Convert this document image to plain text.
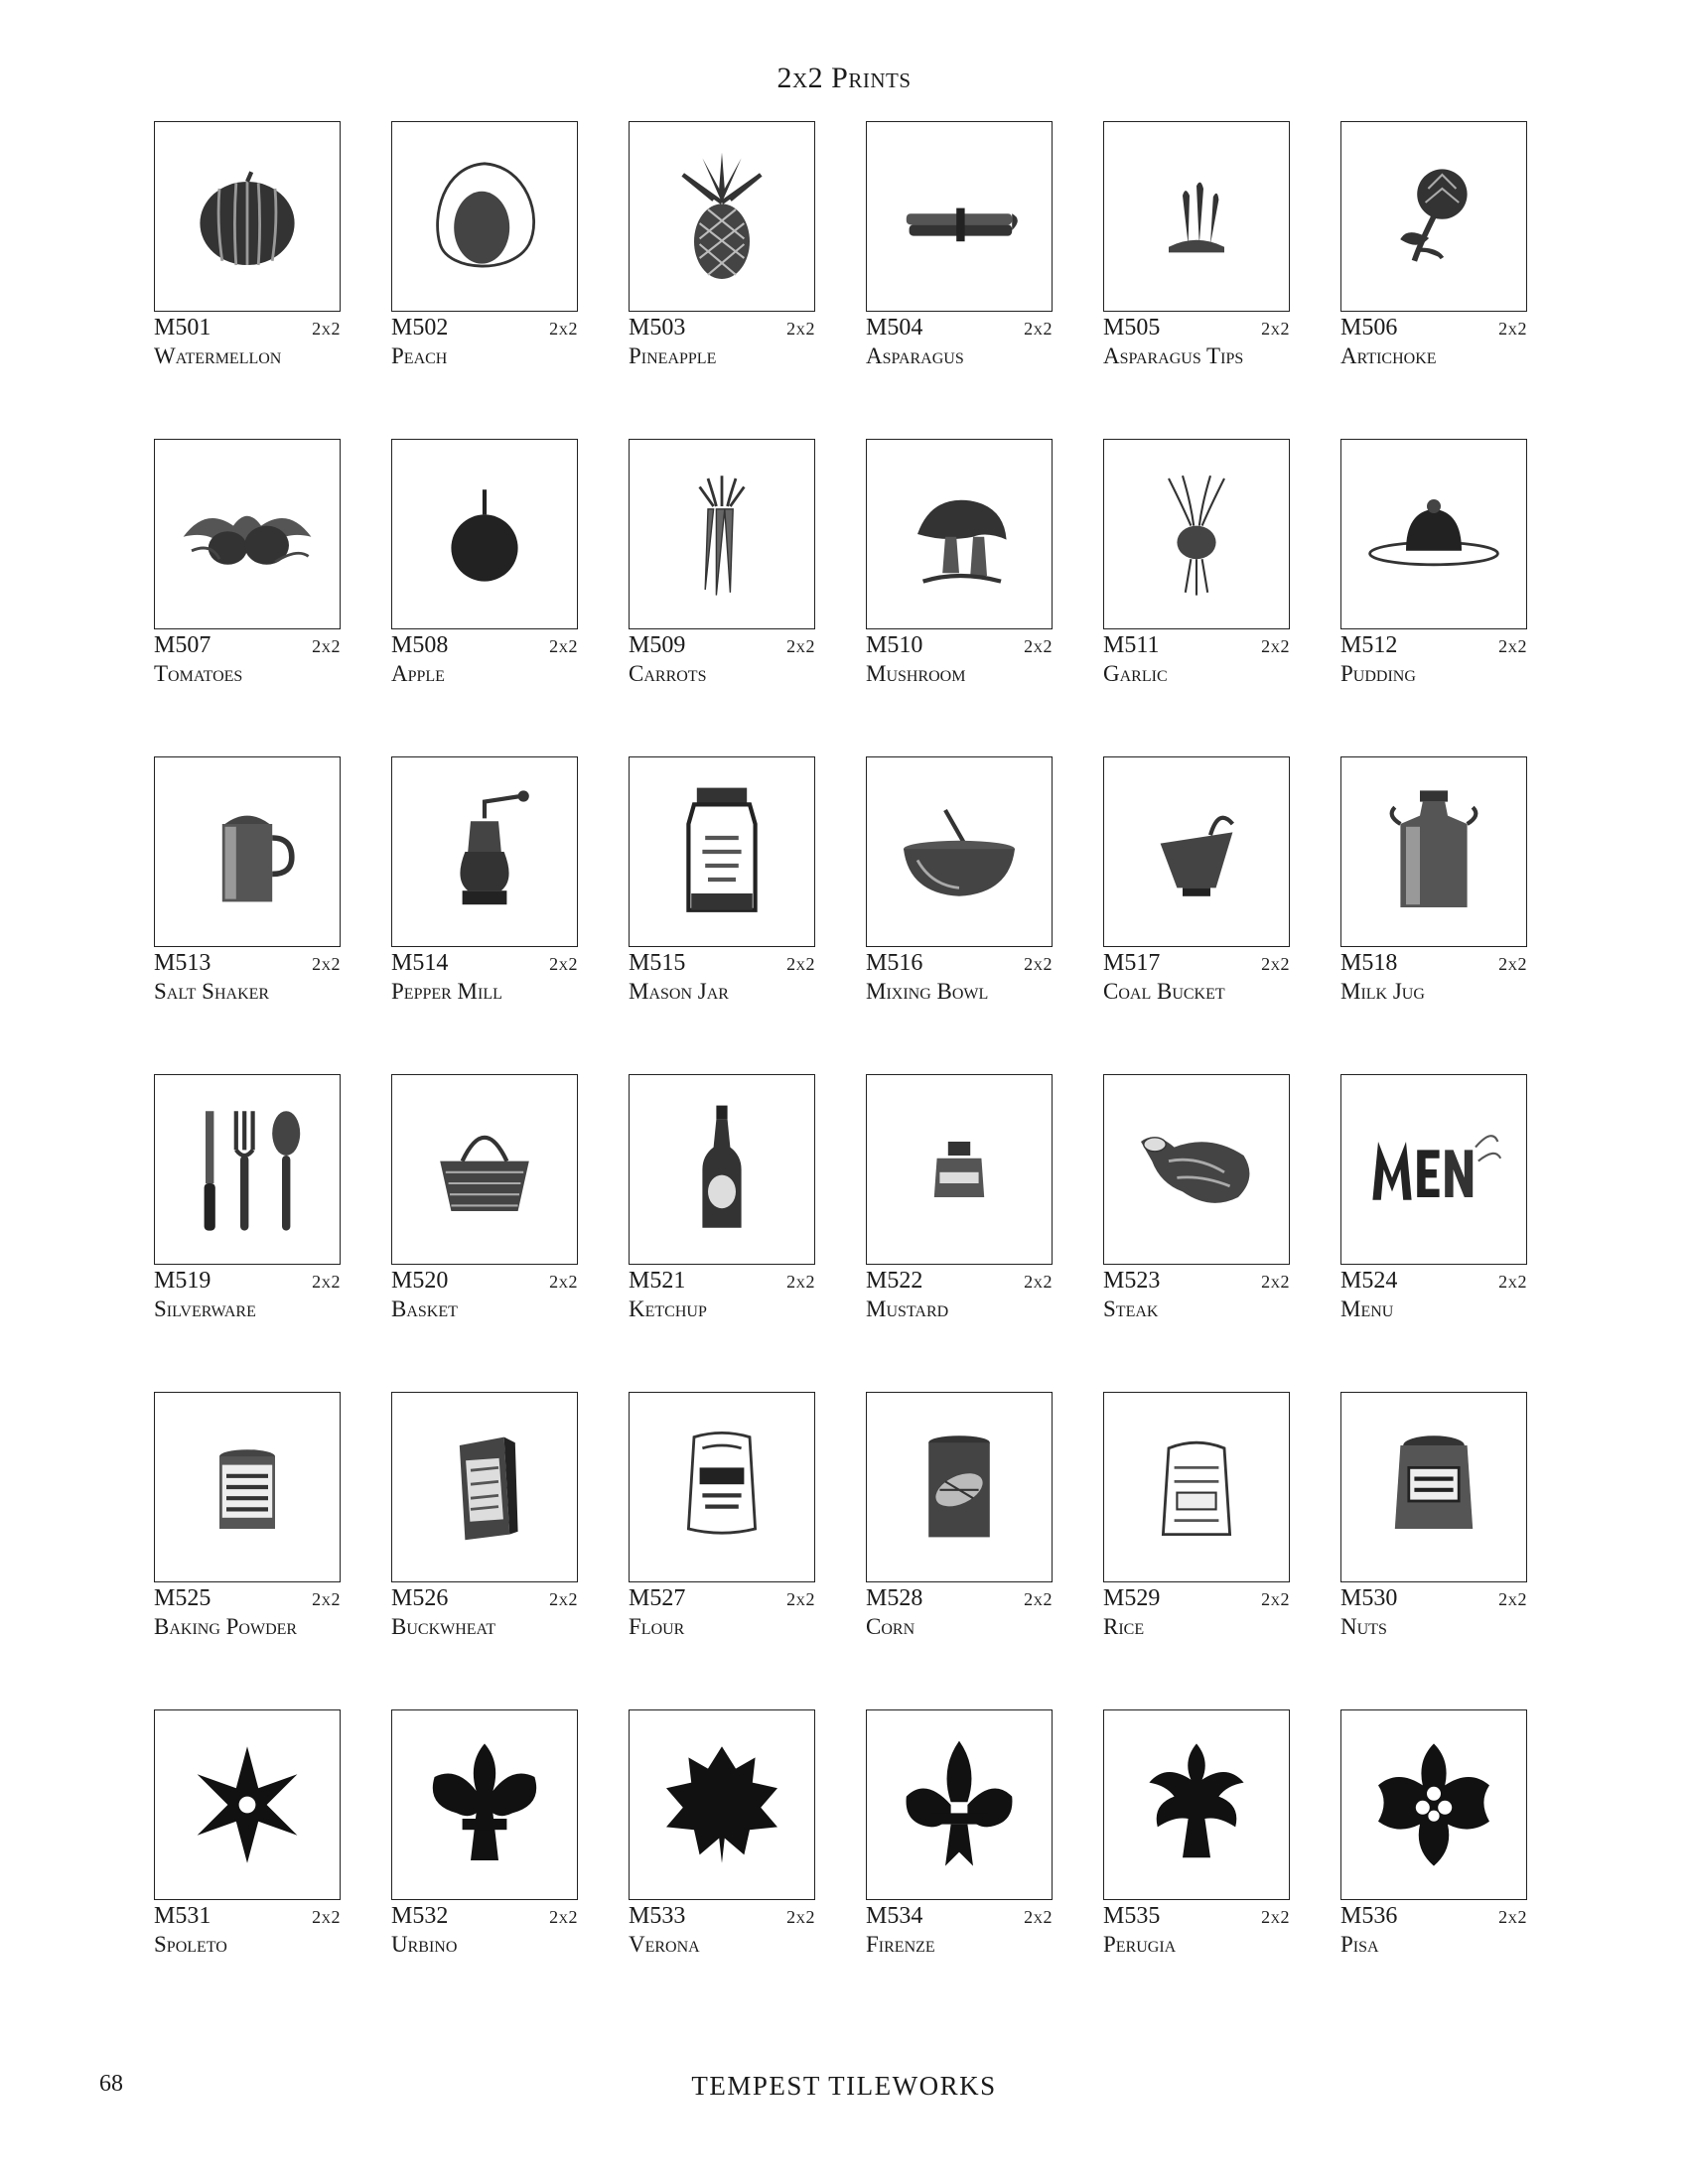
2x2 Prints
M501	2x2
Watermellon
M502	2x2
Peach
M503	2x2
Pineapple
M504	2x2
Asparagus
M505	2x2
Asparagus Tips
M506	2x2
Artichoke
M507	2x2
Tomatoes
M508	2x2
Apple
M509	2x2
Carrots
M510	2x2
Mushroom
M511	2x2
Garlic
M512	2x2
Pudding
M513	2x2
Salt Shaker
M514	2x2
Pepper Mill
M515	2x2
Mason Jar
M516	2x2
Mixing Bowl
M517	2x2
Coal Bucket
M518	2x2
Milk Jug
M519	2x2
Silverware
M520	2x2
Basket
M521	2x2
Ketchup
M522	2x2
Mustard
M523	2x2
Steak
M524	2x2
Menu
M525	2x2
Baking Powder
M526	2x2
Buckwheat
M527	2x2
Flour
M528	2x2
Corn
M529	2x2
Rice
M530	2x2
Nuts
M531	2x2
Spoleto
M532	2x2
Urbino
M533	2x2
Verona
M534	2x2
Firenze
M535	2x2
Perugia
M536	2x2
Pisa
68	TEMPEST TILEWORKS
